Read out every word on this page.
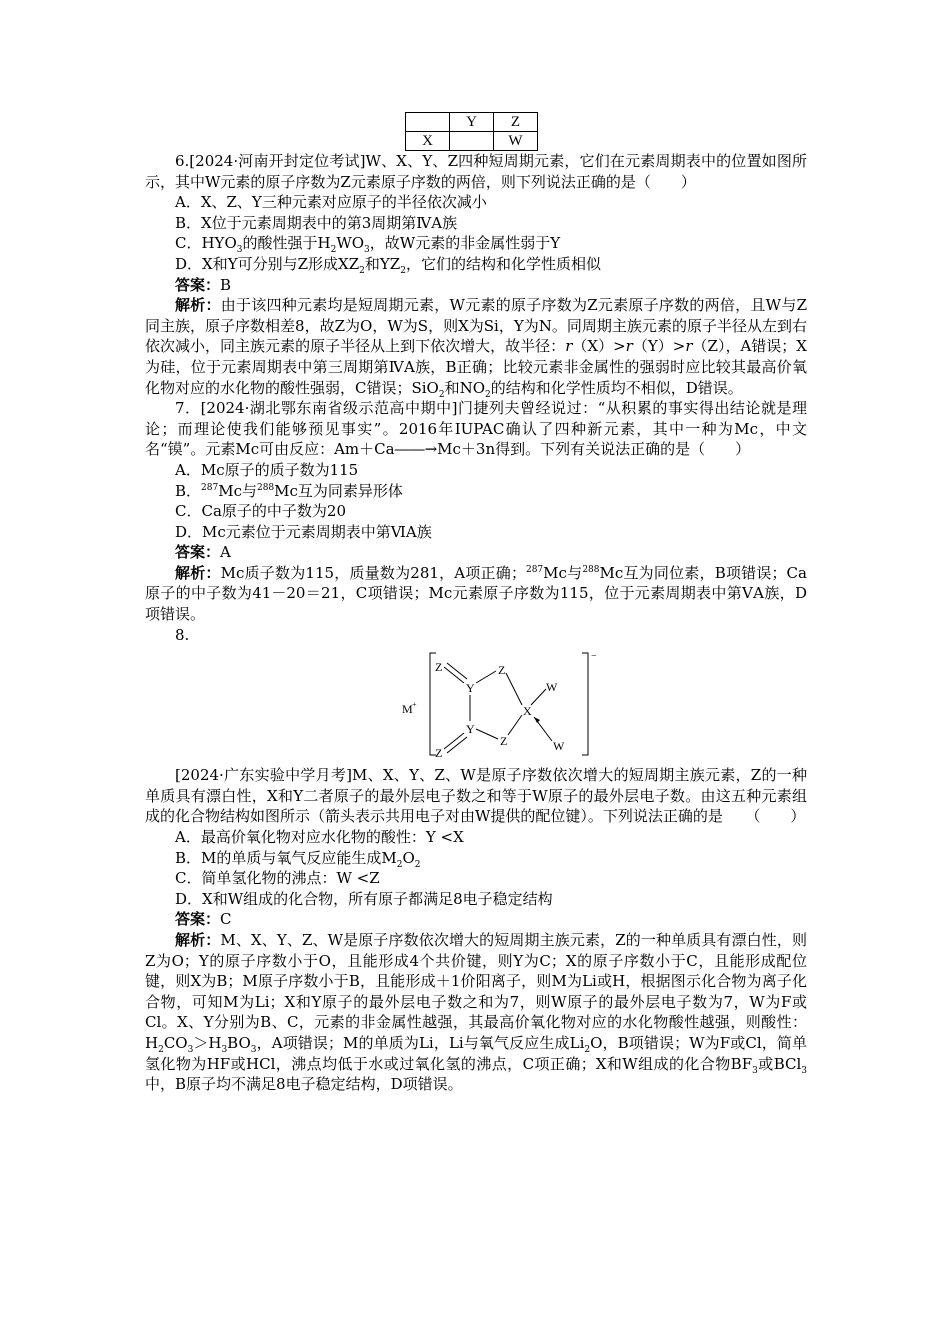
	Y	Z
X		W

6.[2024·河南开封定位考试]W、X、Y、Z四种短周期元素，它们在元素周期表中的位置如图所示，其中W元素的原子序数为Z元素原子序数的两倍，则下列说法正确的是（　　）

A．X、Z、Y三种元素对应原子的半径依次减小

B．X位于元素周期表中的第3周期第ⅣA族

C．$HYO_3$的酸性强于$H_2WO_3$，故W元素的非金属性弱于Y

D．X和Y可分别与Z形成$XZ_2$和$YZ_2$，它们的结构和化学性质相似

答案：B

解析：由于该四种元素均是短周期元素，W元素的原子序数为Z元素原子序数的两倍，且W与Z同主族，原子序数相差8，故Z为O，W为S，则X为Si，Y为N。同周期主族元素的原子半径从左到右依次减小，同主族元素的原子半径从上到下依次增大，故半径：r（X）>r（Y）>r（Z），A错误；X为硅，位于元素周期表中第三周期第ⅣA族，B正确；比较元素非金属性的强弱时应比较其最高价氧化物对应的水化物的酸性强弱，C错误；SiO$_2$和$NO_2$的结构和化学性质均不相似，D错误。

7．[2024·湖北鄂东南省级示范高中期中]门捷列夫曾经说过：“从积累的事实得出结论就是理论；而理论使我们能够预见事实”。2016年IUPAC确认了四种新元素，其中一种为Mc，中文名“镆”。元素Mc可由反应：Am＋Ca――→Mc＋3n得到。下列有关说法正确的是（　　）

A．Mc原子的质子数为115

B．$^{287}$Mc与$^{288}$Mc互为同素异形体

C．Ca原子的中子数为20

D．Mc元素位于元素周期表中第ⅥA族

答案：A

解析：Mc质子数为115，质量数为281，A项正确；$^{287}$Mc与$^{288}$Mc互为同位素，B项错误；Ca原子的中子数为41－20＝21，C项错误；Mc元素原子序数为115，位于元素周期表中第ⅤA族，D项错误。

8.

M +
−
Z
Y
Z
X
W
Y
Z
Z	W

[2024·广东实验中学月考]M、X、Y、Z、W是原子序数依次增大的短周期主族元素，Z的一种单质具有漂白性，X和Y二者原子的最外层电子数之和等于W原子的最外层电子数。由这五种元素组成的化合物结构如图所示（箭头表示共用电子对由W提供的配位键）。下列说法正确的是　　（　　）

A．最高价氧化物对应水化物的酸性：Y <X

B．M的单质与氧气反应能生成$M_2O_2$

C．简单氢化物的沸点：W <Z

D．X和W组成的化合物，所有原子都满足8电子稳定结构

答案：C

解析：M、X、Y、Z、W是原子序数依次增大的短周期主族元素，Z的一种单质具有漂白性，则Z为O；Y的原子序数小于O，且能形成4个共价键，则Y为C；X的原子序数小于C，且能形成配位键，则X为B；M原子序数小于B，且能形成＋1价阳离子，则M为Li或H，根据图示化合物为离子化合物，可知M为Li；X和Y原子的最外层电子数之和为7，则W原子的最外层电子数为7，W为F或Cl。X、Y分别为B、C，元素的非金属性越强，其最高价氧化物对应的水化物酸性越强，则酸性：$H_2CO_3>H_3BO_3$，A项错误；M的单质为Li，Li与氧气反应生成$Li_2O$，B项错误；W为F或Cl，简单氢化物为HF或HCl，沸点均低于水或过氧化氢的沸点，C项正确；X和W组成的化合物$BF_3$或BCl$_3$中，B原子均不满足8电子稳定结构，D项错误。
